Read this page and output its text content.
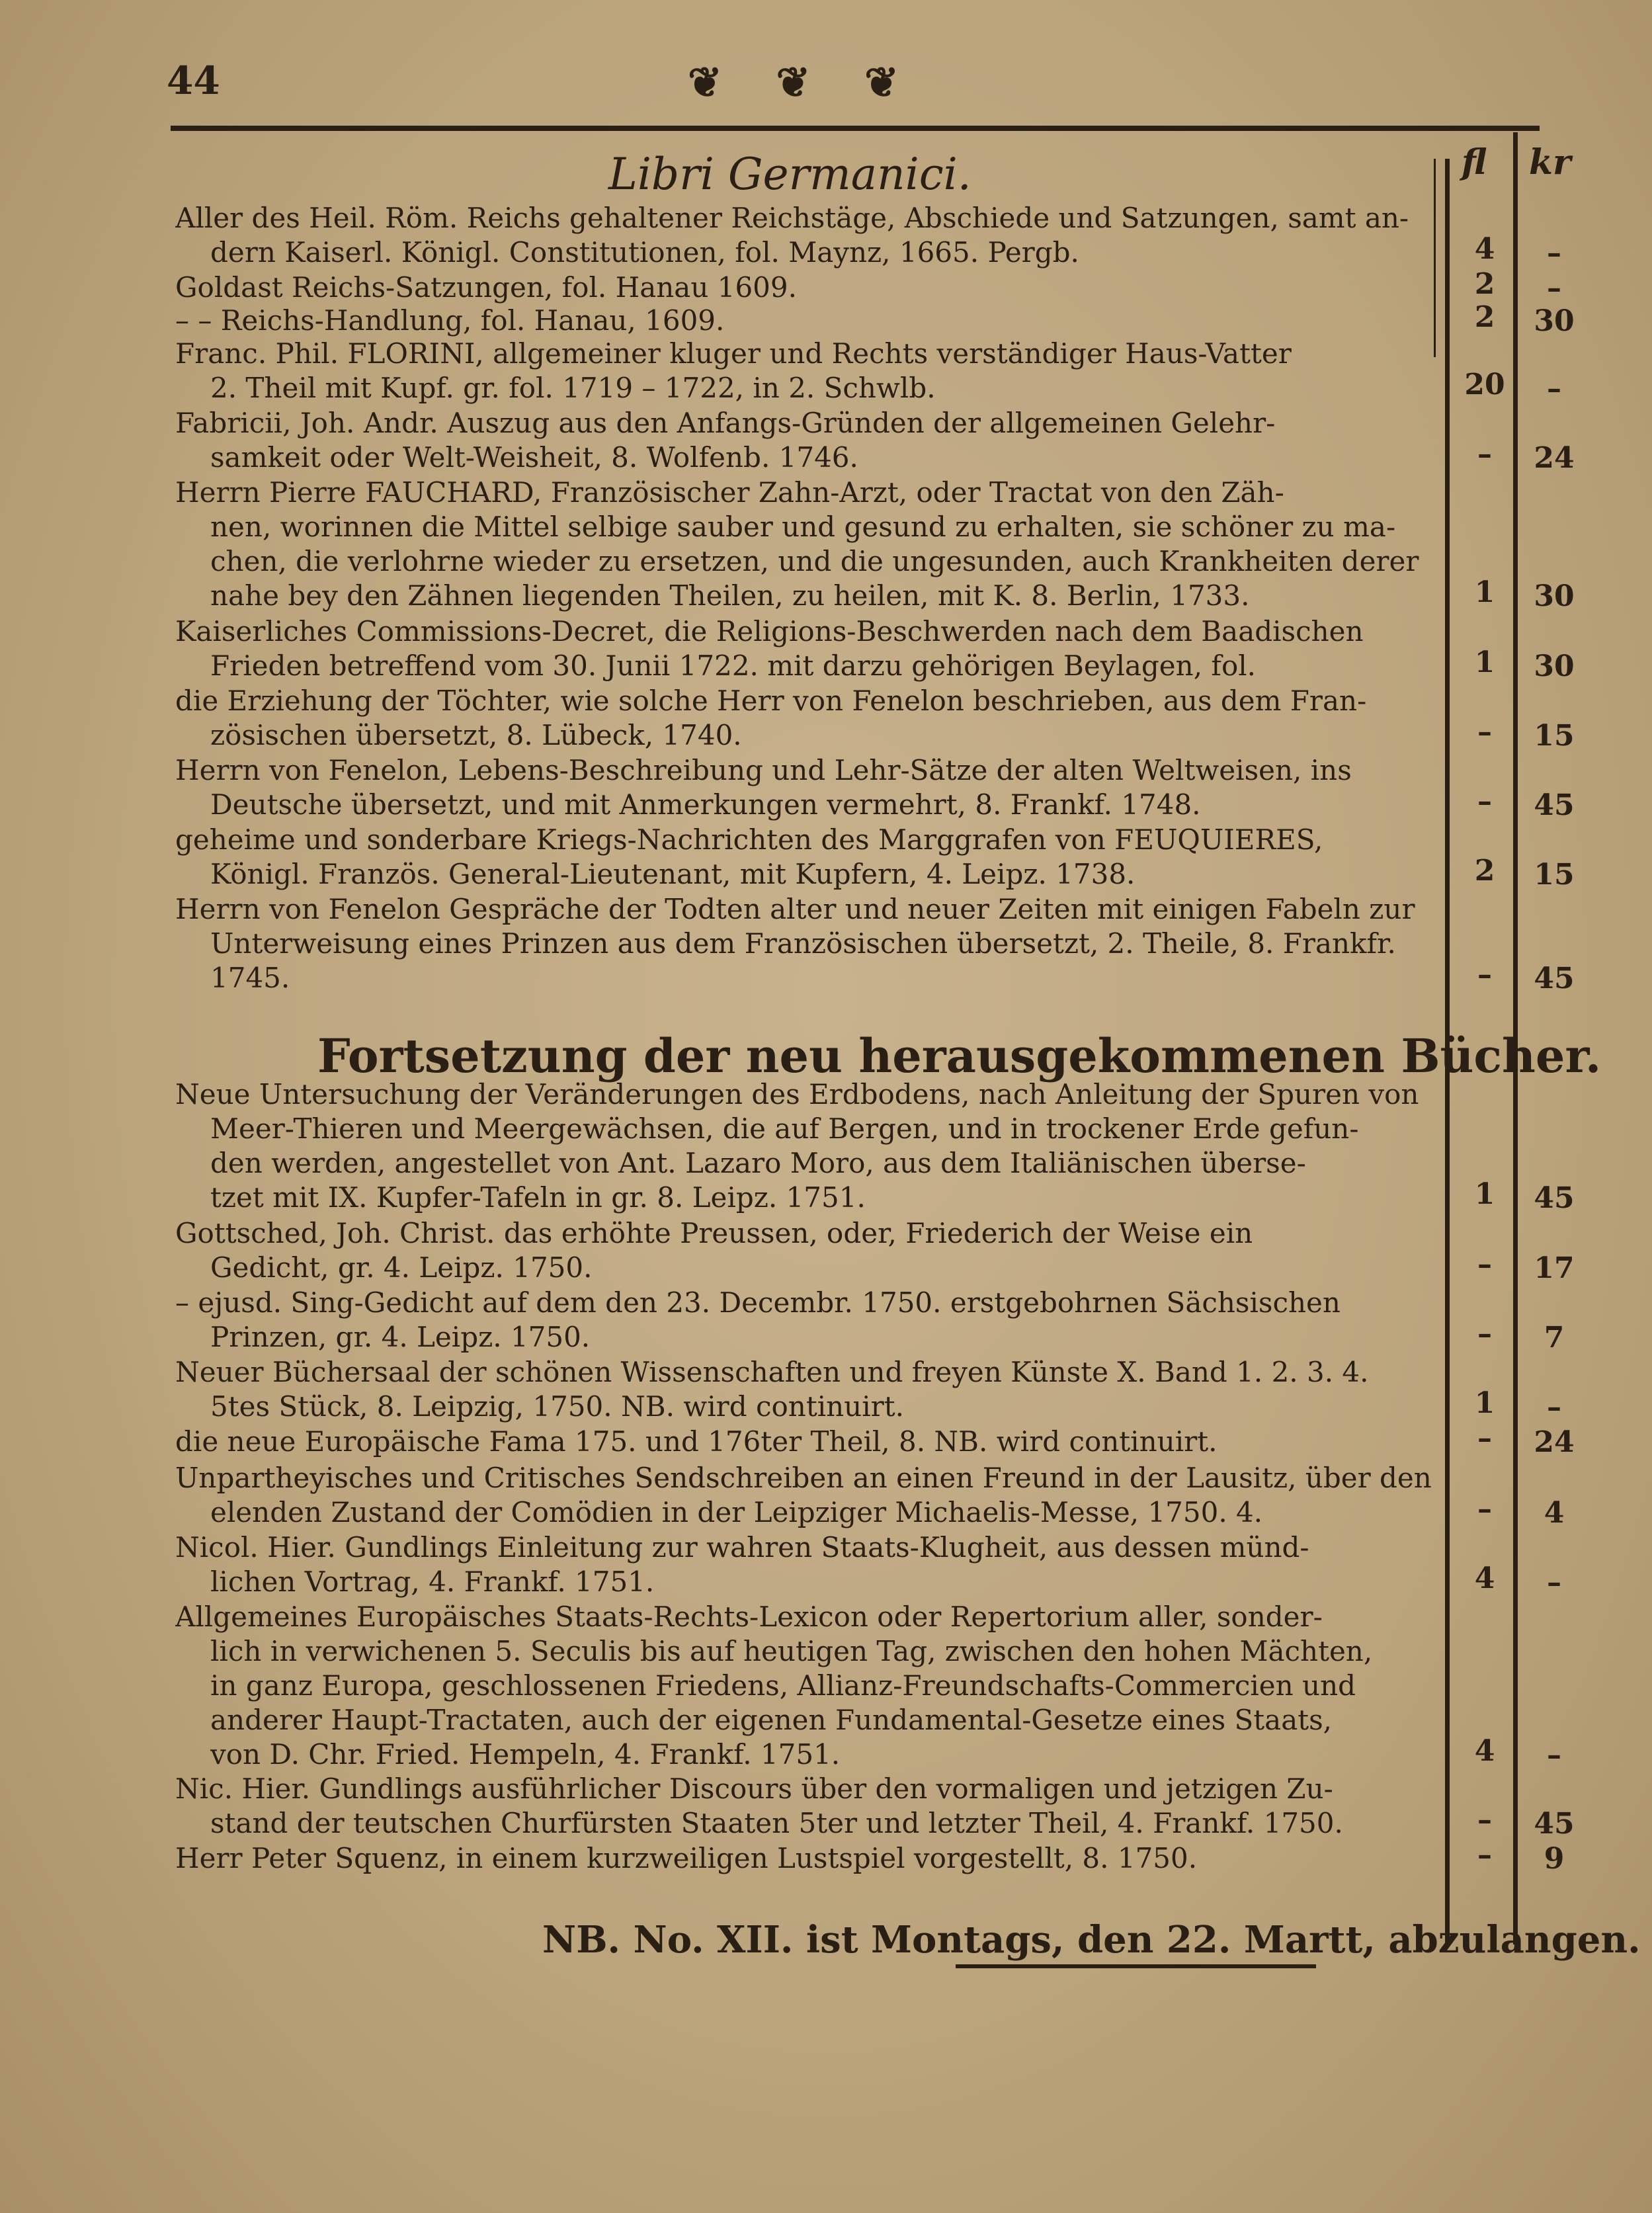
44	❦ ❦ ❦
fl kr
Libri Germanici.
Fortsetzung der neu herausgekommenen Bücher.
NB. No. XII. ist Montags, den 22. Martt, abzulangen.
Aller des Heil. Röm. Reichs gehaltener Reichstäge, Abschiede und Satzungen, samt an-
dern Kaiserl. Königl. Constitutionen, fol. Maynz, 1665. Pergb.	4	–
Goldast Reichs-Satzungen, fol. Hanau 1609.	2	–
– – Reichs-Handlung, fol. Hanau, 1609.	2	30
Franc. Phil. FLORINI, allgemeiner kluger und Rechts verständiger Haus-Vatter
2. Theil mit Kupf. gr. fol. 1719 – 1722, in 2. Schwlb.	20	–
Fabricii, Joh. Andr. Auszug aus den Anfangs-Gründen der allgemeinen Gelehr-
samkeit oder Welt-Weisheit, 8. Wolfenb. 1746.	–	24
Herrn Pierre FAUCHARD, Französischer Zahn-Arzt, oder Tractat von den Zäh-
nen, worinnen die Mittel selbige sauber und gesund zu erhalten, sie schöner zu ma-
chen, die verlohrne wieder zu ersetzen, und die ungesunden, auch Krankheiten derer
nahe bey den Zähnen liegenden Theilen, zu heilen, mit K. 8. Berlin, 1733.	1	30
Kaiserliches Commissions-Decret, die Religions-Beschwerden nach dem Baadischen
Frieden betreffend vom 30. Junii 1722. mit darzu gehörigen Beylagen, fol.	1	30
die Erziehung der Töchter, wie solche Herr von Fenelon beschrieben, aus dem Fran-
zösischen übersetzt, 8. Lübeck, 1740.	–	15
Herrn von Fenelon, Lebens-Beschreibung und Lehr-Sätze der alten Weltweisen, ins
Deutsche übersetzt, und mit Anmerkungen vermehrt, 8. Frankf. 1748.	–	45
geheime und sonderbare Kriegs-Nachrichten des Marggrafen von FEUQUIERES,
Königl. Französ. General-Lieutenant, mit Kupfern, 4. Leipz. 1738.	2	15
Herrn von Fenelon Gespräche der Todten alter und neuer Zeiten mit einigen Fabeln zur
Unterweisung eines Prinzen aus dem Französischen übersetzt, 2. Theile, 8. Frankfr.
1745.	–	45
Neue Untersuchung der Veränderungen des Erdbodens, nach Anleitung der Spuren von
Meer-Thieren und Meergewächsen, die auf Bergen, und in trockener Erde gefun-
den werden, angestellet von Ant. Lazaro Moro, aus dem Italiänischen überse-
tzet mit IX. Kupfer-Tafeln in gr. 8. Leipz. 1751.	1	45
Gottsched, Joh. Christ. das erhöhte Preussen, oder, Friederich der Weise ein
Gedicht, gr. 4. Leipz. 1750.	–	17
– ejusd. Sing-Gedicht auf dem den 23. Decembr. 1750. erstgebohrnen Sächsischen
Prinzen, gr. 4. Leipz. 1750.	–	7
Neuer Büchersaal der schönen Wissenschaften und freyen Künste X. Band 1. 2. 3. 4.
5tes Stück, 8. Leipzig, 1750. NB. wird continuirt.	1	–
die neue Europäische Fama 175. und 176ter Theil, 8. NB. wird continuirt.	–	24
Unpartheyisches und Critisches Sendschreiben an einen Freund in der Lausitz, über den
elenden Zustand der Comödien in der Leipziger Michaelis-Messe, 1750. 4.	–	4
Nicol. Hier. Gundlings Einleitung zur wahren Staats-Klugheit, aus dessen münd-
lichen Vortrag, 4. Frankf. 1751.	4	–
Allgemeines Europäisches Staats-Rechts-Lexicon oder Repertorium aller, sonder-
lich in verwichenen 5. Seculis bis auf heutigen Tag, zwischen den hohen Mächten,
in ganz Europa, geschlossenen Friedens, Allianz-Freundschafts-Commercien und
anderer Haupt-Tractaten, auch der eigenen Fundamental-Gesetze eines Staats,
von D. Chr. Fried. Hempeln, 4. Frankf. 1751.	4	–
Nic. Hier. Gundlings ausführlicher Discours über den vormaligen und jetzigen Zu-
stand der teutschen Churfürsten Staaten 5ter und letzter Theil, 4. Frankf. 1750.	–	45
Herr Peter Squenz, in einem kurzweiligen Lustspiel vorgestellt, 8. 1750.	–	9
